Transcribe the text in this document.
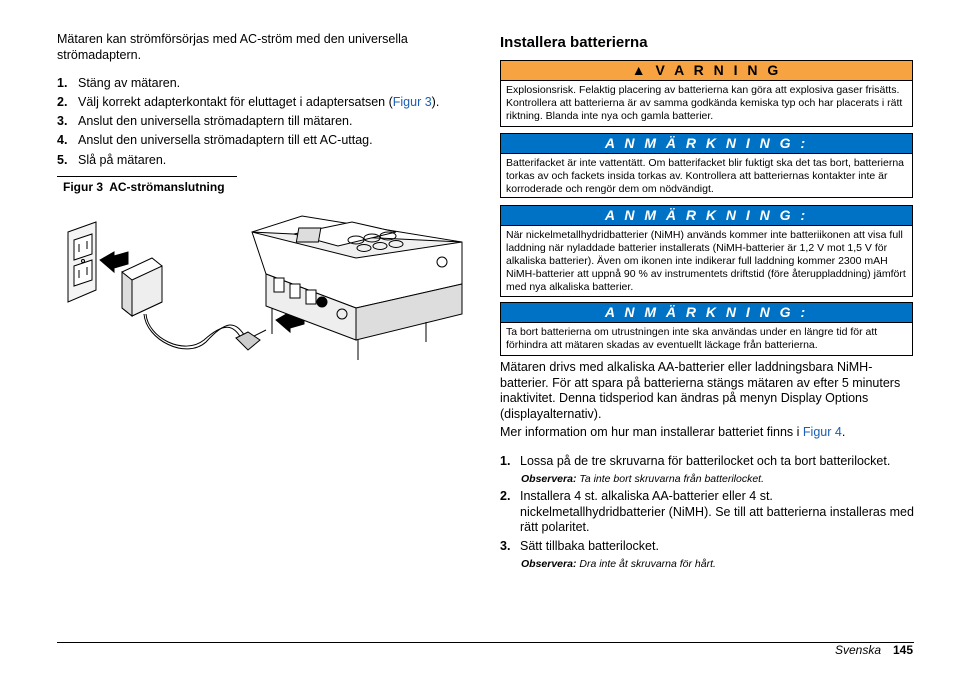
Mätaren kan strömförsörjas med AC-ström med den universella strömadaptern.
1. Stäng av mätaren.
2. Välj korrekt adapterkontakt för eluttaget i adaptersatsen (Figur 3).
3. Anslut den universella strömadaptern till mätaren.
4. Anslut den universella strömadaptern till ett AC-uttag.
5. Slå på mätaren.
Figur 3  AC-strömanslutning
Installera batterierna
▲ V A R N I N G
Explosionsrisk. Felaktig placering av batterierna kan göra att explosiva gaser frisätts. Kontrollera att batterierna är av samma godkända kemiska typ och har placerats i rätt riktning. Blanda inte nya och gamla batterier.
A N M Ä R K N I N G :
Batterifacket är inte vattentätt. Om batterifacket blir fuktigt ska det tas bort, batterierna torkas av och fackets insida torkas av. Kontrollera att batteriernas kontakter inte är korroderade och rengör dem om nödvändigt.
A N M Ä R K N I N G :
När nickelmetallhydridbatterier (NiMH) används kommer inte batteriikonen att visa full laddning när nyladdade batterier installerats (NiMH-batterier är 1,2 V mot 1,5 V för alkaliska batterier). Även om ikonen inte indikerar full laddning kommer 2300 mAH NiMH-batterier att uppnå 90 % av instrumentets driftstid (före återuppladdning) jämfört med nya alkaliska batterier.
A N M Ä R K N I N G :
Ta bort batterierna om utrustningen inte ska användas under en längre tid för att förhindra att mätaren skadas av eventuellt läckage från batterierna.
Mätaren drivs med alkaliska AA-batterier eller laddningsbara NiMH-batterier. För att spara på batterierna stängs mätaren av efter 5 minuters inaktivitet. Denna tidsperiod kan ändras på menyn Display Options (displayalternativ).
Mer information om hur man installerar batteriet finns i Figur 4.
1. Lossa på de tre skruvarna för batterilocket och ta bort batterilocket.
Observera: Ta inte bort skruvarna från batterilocket.
2. Installera 4 st. alkaliska AA-batterier eller 4 st. nickelmetallhydridbatterier (NiMH). Se till att batterierna installeras med rätt polaritet.
3. Sätt tillbaka batterilocket.
Observera: Dra inte åt skruvarna för hårt.
Svenska 145
